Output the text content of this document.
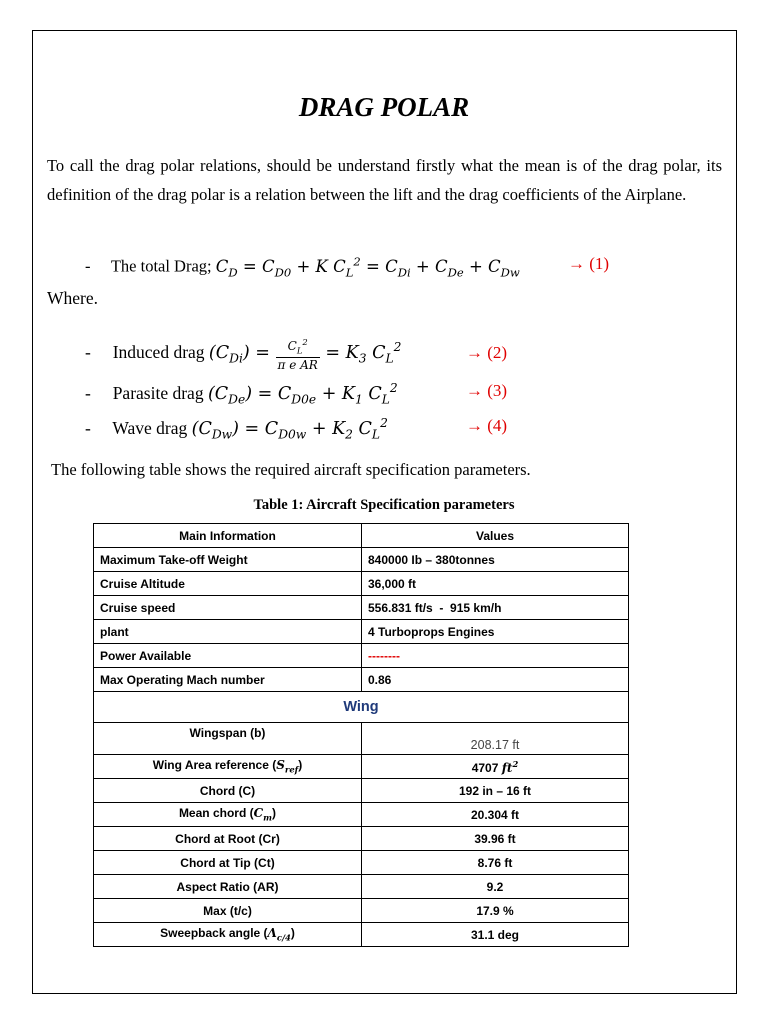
DRAG POLAR
To call the drag polar relations, should be understand firstly what the mean is of the drag polar, its definition of the drag polar is a relation between the lift and the drag coefficients of the Airplane.
- The total Drag; $C_D = C_{D0} + K$ $C_L^2 = C_{Di} + C_{De} + C_{Dw}$	→ (1)
Where.
- Induced drag $(C_{Di}) = \frac{C_L^2}{\text{π e AR}} = K_3$ $C_L^2$	→ (2)
- Parasite drag $(C_{De}) = C_{D0e} + K_1$ $C_L^2$	→ (3)
- Wave drag $(C_{Dw}) = C_{D0w} + K_2$ $C_L^2$	→ (4)
The following table shows the required aircraft specification parameters.
Table 1: Aircraft Specification parameters
Main Information	Values
Maximum Take-off Weight	840000 Ib – 380tonnes
Cruise Altitude	36,000 ft
Cruise speed	556.831 ft/s  -  915 km/h
plant	4 Turboprops Engines
Power Available	--------
Max Operating Mach number	0.86
Wing	
Wingspan (b)	208.17 ft
Wing Area reference $(S_{ref})$	4707 $ft^2$
Chord (C)	192 in – 16 ft
Mean chord $(C_m)$	20.304 ft
Chord at Root (Cr)	39.96 ft
Chord at Tip (Ct)	8.76 ft
Aspect Ratio (AR)	9.2
Max (t/c)	17.9 %
Sweepback angle $(\Lambda_{c/4})$	31.1 deg
